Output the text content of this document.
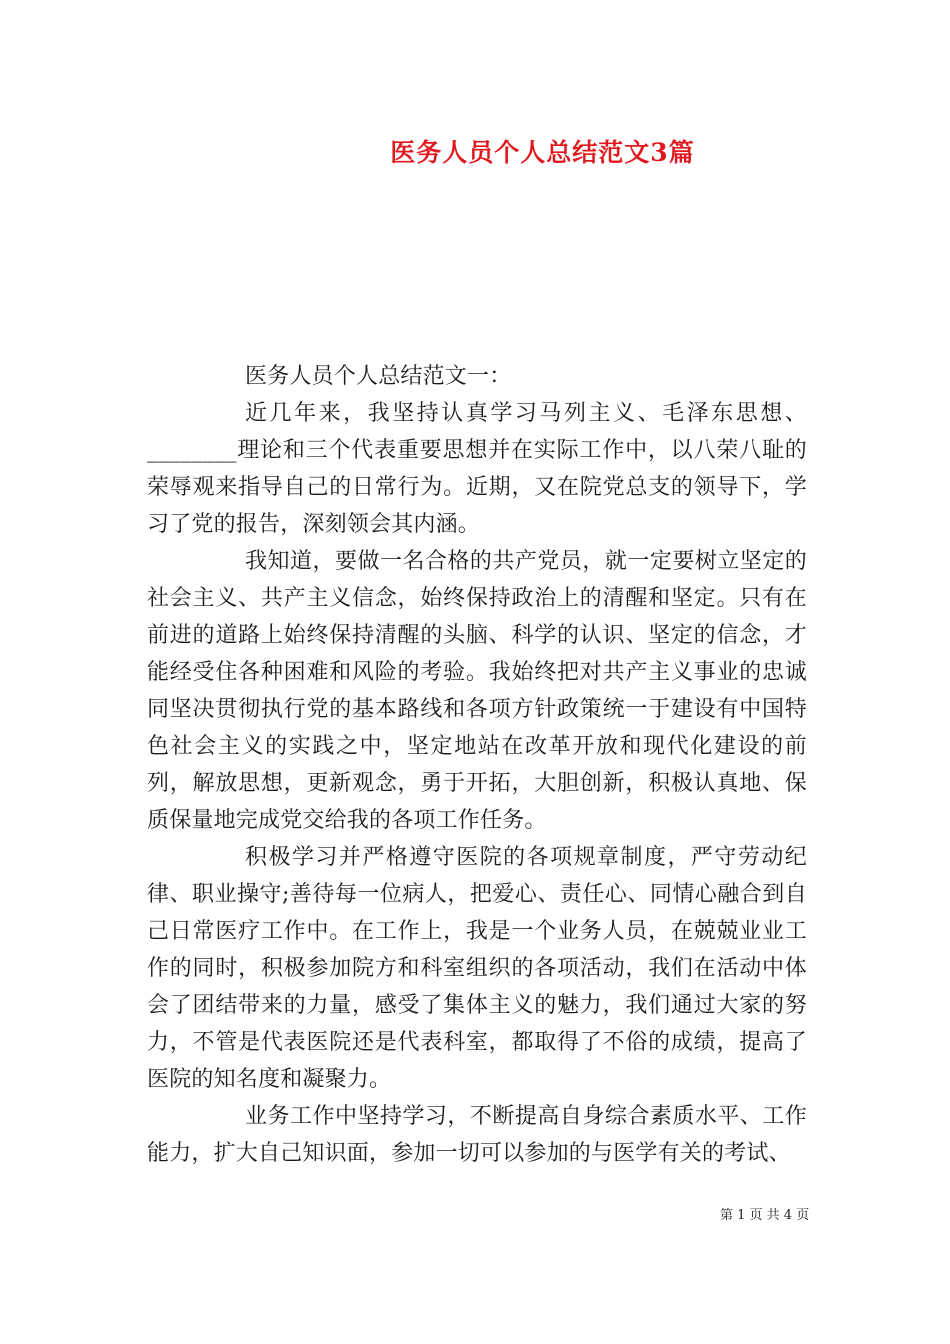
医务人员个人总结范文3篇

医务人员个人总结范文一：

近几年来，我坚持认真学习马列主义、毛泽东思想、________理论和三个代表重要思想并在实际工作中，以八荣八耻的荣辱观来指导自己的日常行为。近期，又在院党总支的领导下，学习了党的报告，深刻领会其内涵。

我知道，要做一名合格的共产党员，就一定要树立坚定的社会主义、共产主义信念，始终保持政治上的清醒和坚定。只有在前进的道路上始终保持清醒的头脑、科学的认识、坚定的信念，才能经受住各种困难和风险的考验。我始终把对共产主义事业的忠诚同坚决贯彻执行党的基本路线和各项方针政策统一于建设有中国特色社会主义的实践之中，坚定地站在改革开放和现代化建设的前列，解放思想，更新观念，勇于开拓，大胆创新，积极认真地、保质保量地完成党交给我的各项工作任务。

积极学习并严格遵守医院的各项规章制度，严守劳动纪律、职业操守;善待每一位病人，把爱心、责任心、同情心融合到自己日常医疗工作中。在工作上，我是一个业务人员，在兢兢业业工作的同时，积极参加院方和科室组织的各项活动，我们在活动中体会了团结带来的力量，感受了集体主义的魅力，我们通过大家的努力，不管是代表医院还是代表科室，都取得了不俗的成绩，提高了医院的知名度和凝聚力。

业务工作中坚持学习，不断提高自身综合素质水平、工作能力，扩大自己知识面，参加一切可以参加的与医学有关的考试、

第 1 页 共 4 页
